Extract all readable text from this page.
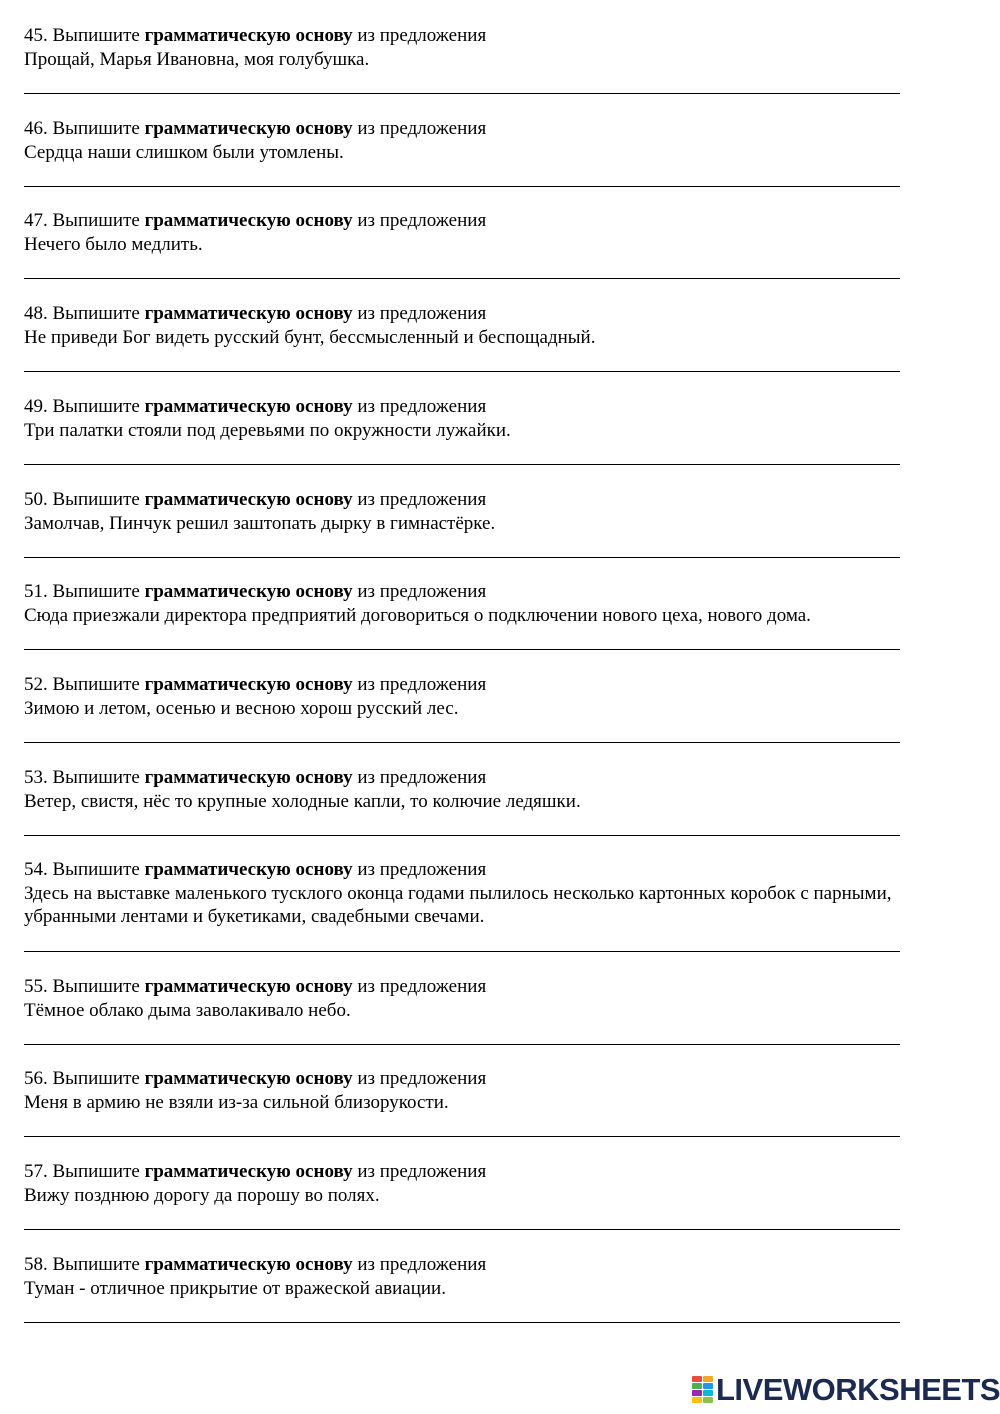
45. Выпишите грамматическую основу из предложения
Прощай, Марья Ивановна, моя голубушка.
46. Выпишите грамматическую основу из предложения
Сердца наши слишком были утомлены.
47. Выпишите грамматическую основу из предложения
Нечего было медлить.
48. Выпишите грамматическую основу из предложения
Не приведи Бог видеть русский бунт, бессмысленный и беспощадный.
49. Выпишите грамматическую основу из предложения
Три палатки стояли под деревьями по окружности лужайки.
50. Выпишите грамматическую основу из предложения
Замолчав, Пинчук решил заштопать дырку в гимнастёрке.
51. Выпишите грамматическую основу из предложения
Сюда приезжали директора предприятий договориться о подключении нового цеха, нового дома.
52. Выпишите грамматическую основу из предложения
Зимою и летом, осенью и весною хорош русский лес.
53. Выпишите грамматическую основу из предложения
Ветер, свистя, нёс то крупные холодные капли, то колючие ледяшки.
54. Выпишите грамматическую основу из предложения
Здесь на выставке маленького тусклого оконца годами пылилось несколько картонных коробок с парными, убранными лентами и букетиками, свадебными свечами.
55. Выпишите грамматическую основу из предложения
Тёмное облако дыма заволакивало небо.
56. Выпишите грамматическую основу из предложения
Меня в армию не взяли из-за сильной близорукости.
57. Выпишите грамматическую основу из предложения
Вижу позднюю дорогу да порошу во полях.
58. Выпишите грамматическую основу из предложения
Туман - отличное прикрытие от вражеской авиации.
LIVEWORKSHEETS
